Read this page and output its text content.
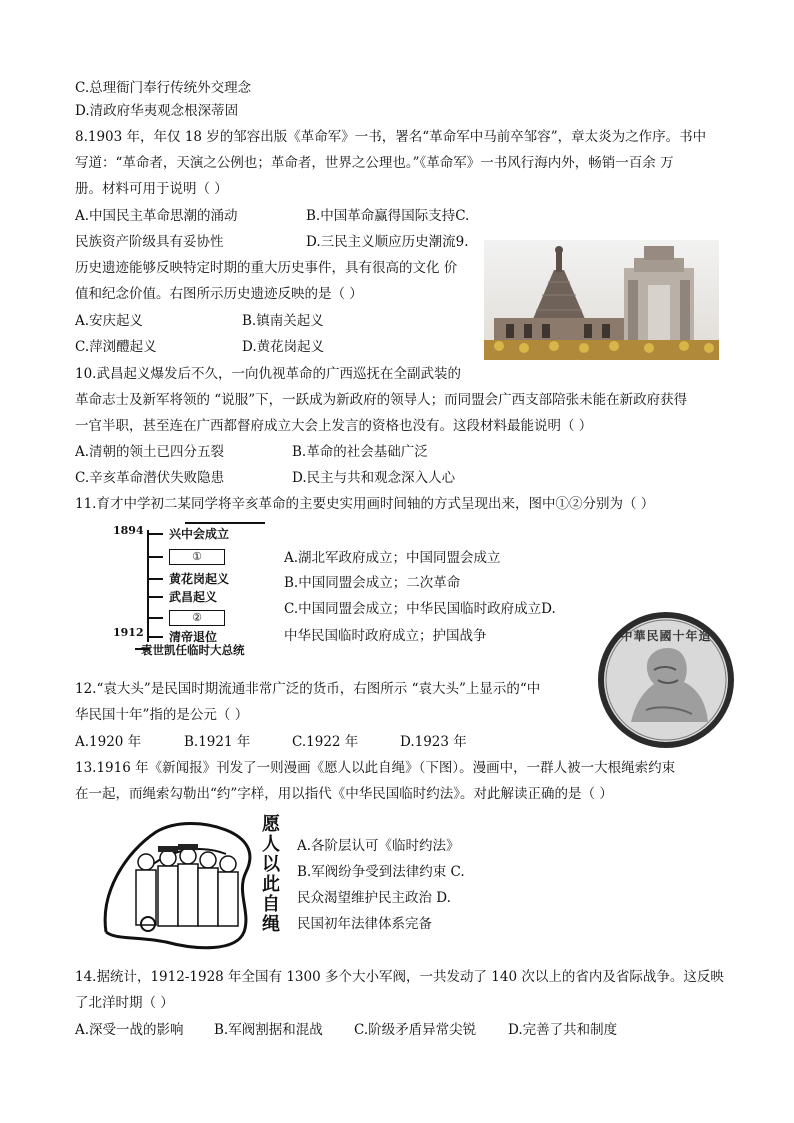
C.总理衙门奉行传统外交理念
D.清政府华夷观念根深蒂固
8.1903 年，年仅 18 岁的邹容出版《革命军》一书，署名“革命军中马前卒邹容”，章太炎为之作序。书中
写道：“革命者，天演之公例也；革命者，世界之公理也。”《革命军》一书风行海内外，畅销一百余 万
册。材料可用于说明（ ）
A.中国民主革命思潮的涌动	B.中国革命赢得国际支持C.
民族资产阶级具有妥协性	D.三民主义顺应历史潮流9.
历史遗迹能够反映特定时期的重大历史事件，具有很高的文化 价
值和纪念价值。右图所示历史遗迹反映的是（ ）
A.安庆起义	B.镇南关起义
C.萍浏醴起义	D.黄花岗起义
10.武昌起义爆发后不久，一向仇视革命的广西巡抚在全副武装的
革命志士及新军将领的 “说服”下，一跃成为新政府的领导人；而同盟会广西支部陪张未能在新政府获得
一官半职，甚至连在广西都督府成立大会上发言的资格也没有。这段材料最能说明（ ）
A.清朝的领土已四分五裂	B.革命的社会基础广泛
C.辛亥革命潜伏失败隐患	D.民主与共和观念深入人心
11.育才中学初二某同学将辛亥革命的主要史实用画时间轴的方式呈现出来，图中①②分别为（ ）
1894
1912
兴中会成立
①
黄花岗起义
武昌起义
②
清帝退位
袁世凯任临时大总统
A.湖北军政府成立；中国同盟会成立
B.中国同盟会成立；二次革命
C.中国同盟会成立；中华民国临时政府成立D.
中华民国临时政府成立；护国战争	中華民國十年造
12.“袁大头”是民国时期流通非常广泛的货币，右图所示 “袁大头”上显示的“中
华民国十年”指的是公元（ ）
A.1920 年	B.1921 年	C.1922 年	D.1923 年
13.1916 年《新闻报》刊发了一则漫画《愿人以此自绳》（下图）。漫画中，一群人被一大根绳索约束
在一起，而绳索勾勒出“约”字样，用以指代《中华民国临时约法》。对此解读正确的是（ ）
愿人以此自绳 A.各阶层认可《临时约法》
B.军阀纷争受到法律约束 C.
民众渴望维护民主政治 D.
民国初年法律体系完备
14.据统计，1912-1928 年全国有 1300 多个大小军阀，一共发动了 140 次以上的省内及省际战争。这反映
了北洋时期（ ）
A.深受一战的影响 B.军阀割据和混战 C.阶级矛盾异常尖锐 D.完善了共和制度
